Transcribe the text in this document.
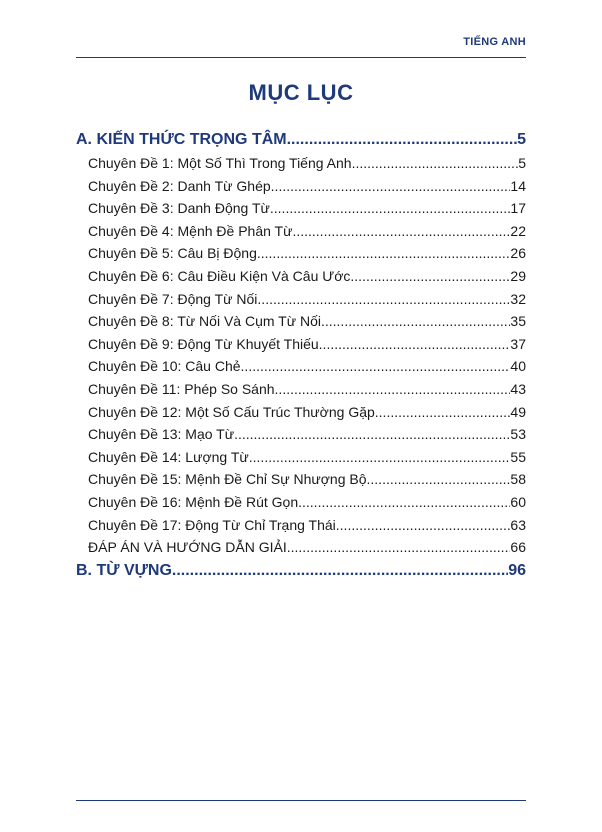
TIẾNG ANH
MỤC LỤC
A. KIẾN THỨC TRỌNG TÂM .....	5
Chuyên Đề 1: Một Số Thì Trong Tiếng Anh .....	5
Chuyên Đề 2: Danh Từ Ghép .....	14
Chuyên Đề 3: Danh Động Từ .....	17
Chuyên Đề 4: Mệnh Đề Phân Từ .....	22
Chuyên Đề 5: Câu Bị Động .....	26
Chuyên Đề 6: Câu Điều Kiện Và Câu Ước .....	29
Chuyên Đề 7: Động Từ Nối .....	32
Chuyên Đề 8: Từ Nối Và Cụm Từ Nối .....	35
Chuyên Đề 9: Động Từ Khuyết Thiếu .....	37
Chuyên Đề 10: Câu Chẻ .....	40
Chuyên Đề 11: Phép So Sánh .....	43
Chuyên Đề 12: Một Số Cấu Trúc Thường Gặp .....	49
Chuyên Đề 13: Mạo Từ .....	53
Chuyên Đề 14: Lượng Từ .....	55
Chuyên Đề 15: Mệnh Đề Chỉ Sự Nhượng Bộ .....	58
Chuyên Đề 16: Mệnh Đề Rút Gọn .....	60
Chuyên Đề 17: Động Từ Chỉ Trạng Thái .....	63
ĐÁP ÁN VÀ HƯỚNG DẪN GIẢI .....	66
B. TỪ VỰNG .....	96
